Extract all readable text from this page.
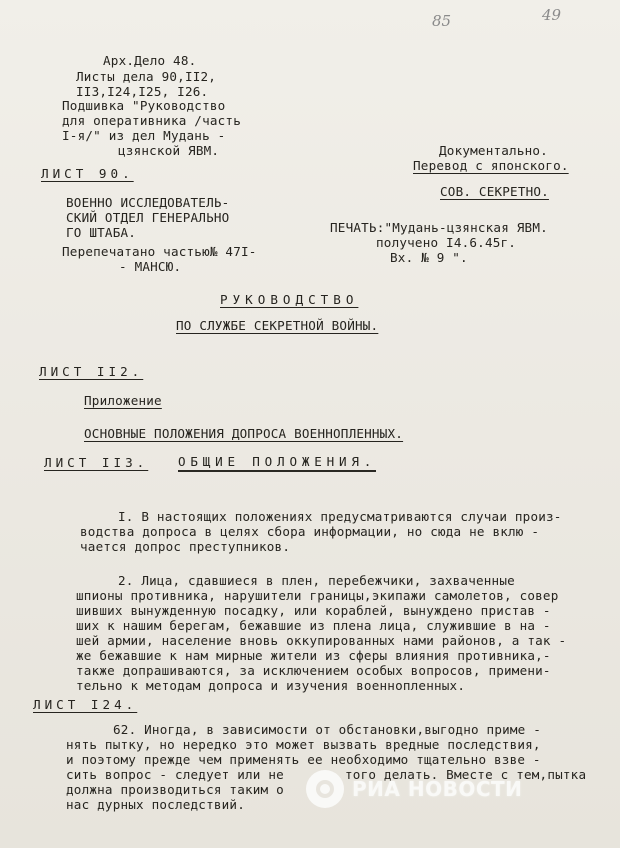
85	49
Арх.Дело 48.
Листы дела 90,II2,
II3,I24,I25, I26.
Подшивка "Руководство
для оперативника /часть
I-я/" из дел Мудань -
цзянской ЯВМ.	Документально.
Перевод с японского.
СОВ. СЕКРЕТНО.
ЛИСТ 90.
ВОЕННО ИССЛЕДОВАТЕЛЬ-
СКИЙ ОТДЕЛ ГЕНЕРАЛЬНО
ГО ШТАБА.
Перепечатано частью№ 47I-
- МАНСЮ.
ПЕЧАТЬ:"Мудань-цзянская ЯВМ.
получено I4.6.45г.
Вх. № 9 ".
РУКОВОДСТВО
ПО СЛУЖБЕ СЕКРЕТНОЙ ВОЙНЫ.
ЛИСТ II2.
Приложение
ОСНОВНЫЕ ПОЛОЖЕНИЯ ДОПРОСА ВОЕННОПЛЕННЫХ.
ЛИСТ II3. ОБЩИЕ ПОЛОЖЕНИЯ.
I. В настоящих положениях предусматриваются случаи произ-
водства допроса в целях сбора информации, но сюда не вклю -
чается допрос преступников.
2. Лица, сдавшиеся в плен, перебежчики, захваченные
шпионы противника, нарушители границы,экипажи самолетов, совер
шивших вынужденную посадку, или кораблей, вынуждено пристав -
ших к нашим берегам, бежавшие из плена лица, служившие в на -
шей армии, население вновь оккупированных нами районов, а так -
же бежавшие к нам мирные жители из сферы влияния противника,-
также допрашиваются, за исключением особых вопросов, примени-
тельно к методам допроса и изучения военнопленных.
ЛИСТ I24.
62. Иногда, в зависимости от обстановки,выгодно приме -
нять пытку, но нередко это может вызвать вредные последствия,
и поэтому прежде чем применять ее необходимо тщательно взве -
сить вопрос - следует или не	того делать. Вместе с тем,пытка
должна производиться таким о
нас дурных последствий.
РИА НОВОСТИ
